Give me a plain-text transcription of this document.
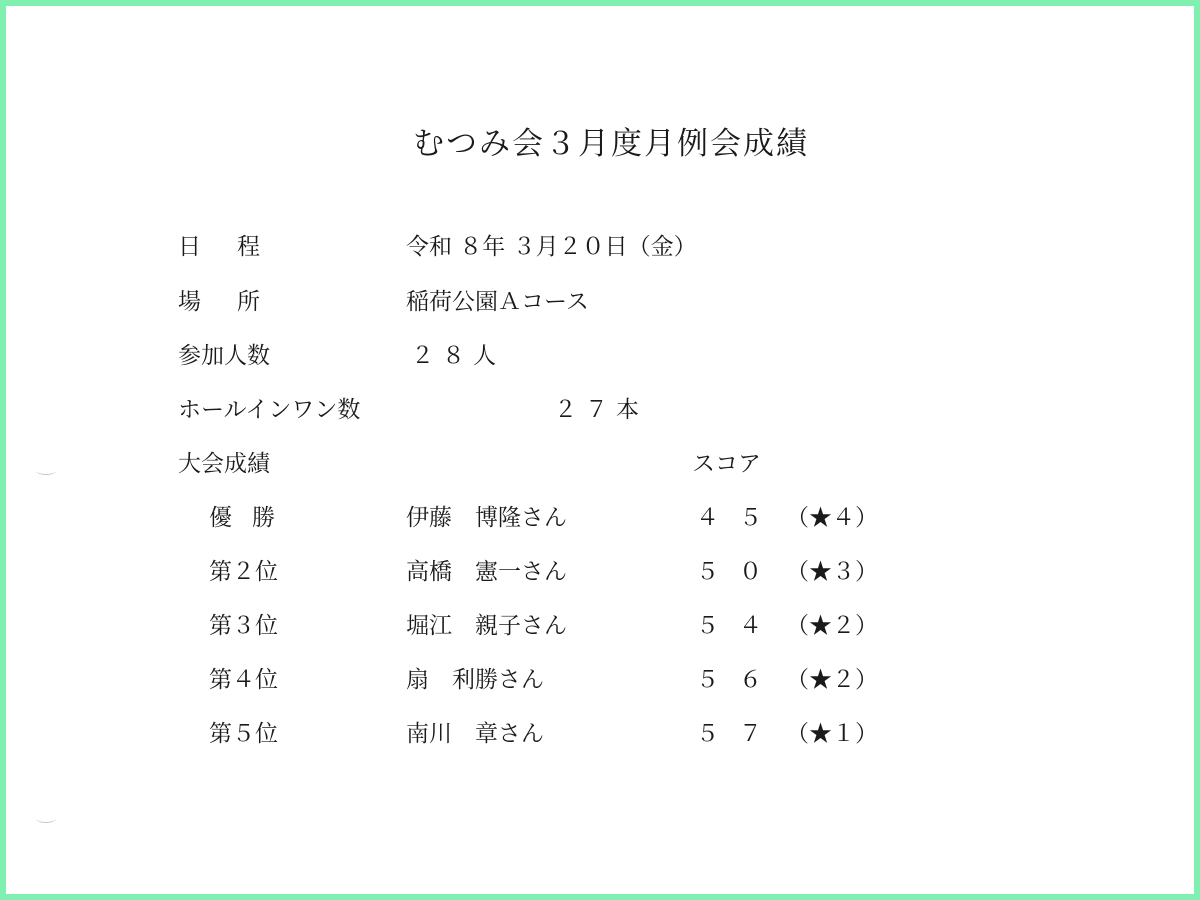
むつみ会３月度月例会成績
日程	令和 ８年 ３月２０日（金）
場所	稲荷公園Ａコース
参加人数	２８人
ホールインワン数	２７本
大会成績	スコア
優勝	伊藤　博隆さん	４５ （★４）
第２位	高橋　憲一さん	５０ （★３）
第３位	堀江　親子さん	５４ （★２）
第４位	扇　利勝さん	５６ （★２）
第５位	南川　章さん	５７ （★１）
